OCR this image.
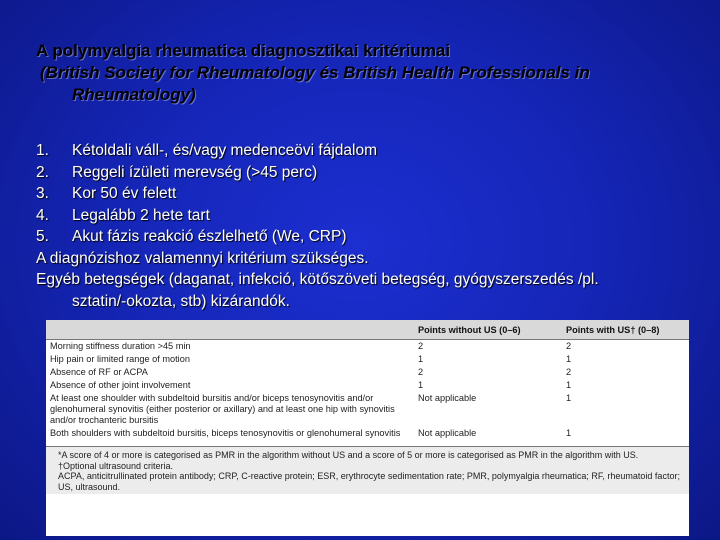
A polymyalgia rheumatica diagnosztikai kritériumai
(British Society for Rheumatology és British Health Professionals in
Rheumatology)
1.	Kétoldali váll-, és/vagy medenceövi fájdalom
2.	Reggeli ízületi merevség (>45 perc)
3.	Kor 50 év felett
4.	Legalább 2 hete tart
5.	Akut fázis reakció észlelhető (We, CRP)
A diagnózishoz valamennyi kritérium szükséges.
Egyéb betegségek (daganat, infekció, kötőszöveti betegség, gyógyszerszedés /pl.
sztatin/-okozta, stb) kizárandók.
	Points without US (0–6)	Points with US† (0–8)
Morning stiffness duration >45 min	2	2
Hip pain or limited range of motion	1	1
Absence of RF or ACPA	2	2
Absence of other joint involvement	1	1
At least one shoulder with subdeltoid bursitis and/or biceps tenosynovitis and/or glenohumeral synovitis (either posterior or axillary) and at least one hip with synovitis and/or trochanteric bursitis	Not applicable	1
Both shoulders with subdeltoid bursitis, biceps tenosynovitis or glenohumeral synovitis	Not applicable	1
*A score of 4 or more is categorised as PMR in the algorithm without US and a score of 5 or more is categorised as PMR in the algorithm with US.
†Optional ultrasound criteria.
ACPA, anticitrullinated protein antibody; CRP, C-reactive protein; ESR, erythrocyte sedimentation rate; PMR, polymyalgia rheumatica; RF, rheumatoid factor; US, ultrasound.
